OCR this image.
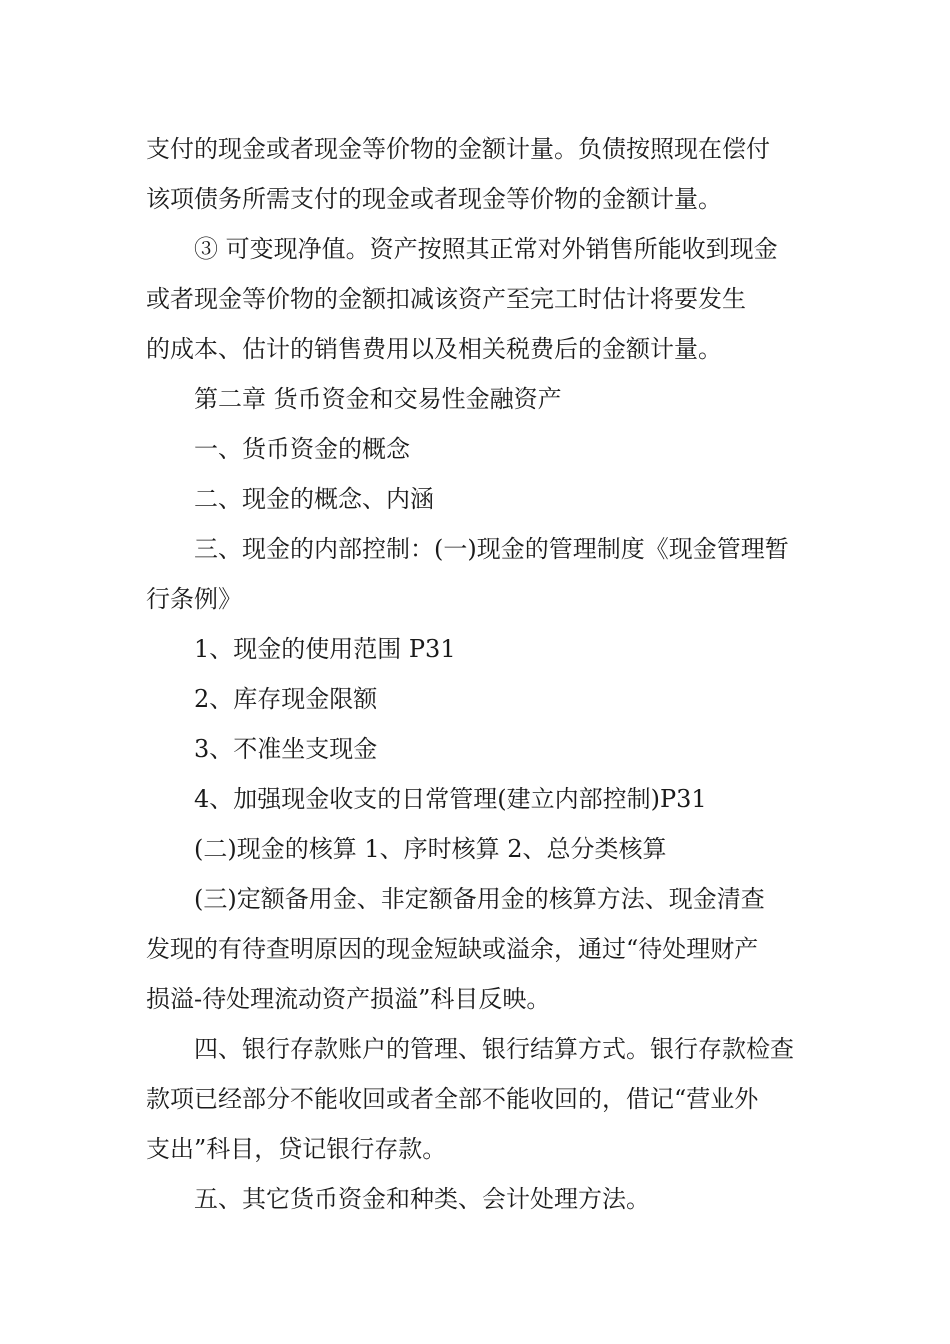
支付的现金或者现金等价物的金额计量。负债按照现在偿付
该项债务所需支付的现金或者现金等价物的金额计量。
③ 可变现净值。资产按照其正常对外销售所能收到现金
或者现金等价物的金额扣减该资产至完工时估计将要发生
的成本、估计的销售费用以及相关税费后的金额计量。
第二章 货币资金和交易性金融资产
一、货币资金的概念
二、现金的概念、内涵
三、现金的内部控制：(一)现金的管理制度《现金管理暂
行条例》
1、现金的使用范围 P31
2、库存现金限额
3、不准坐支现金
4、加强现金收支的日常管理(建立内部控制)P31
(二)现金的核算 1、序时核算 2、总分类核算
(三)定额备用金、非定额备用金的核算方法、现金清查
发现的有待查明原因的现金短缺或溢余，通过“待处理财产
损溢-待处理流动资产损溢”科目反映。
四、银行存款账户的管理、银行结算方式。银行存款检查
款项已经部分不能收回或者全部不能收回的，借记“营业外
支出”科目，贷记银行存款。
五、其它货币资金和种类、会计处理方法。
